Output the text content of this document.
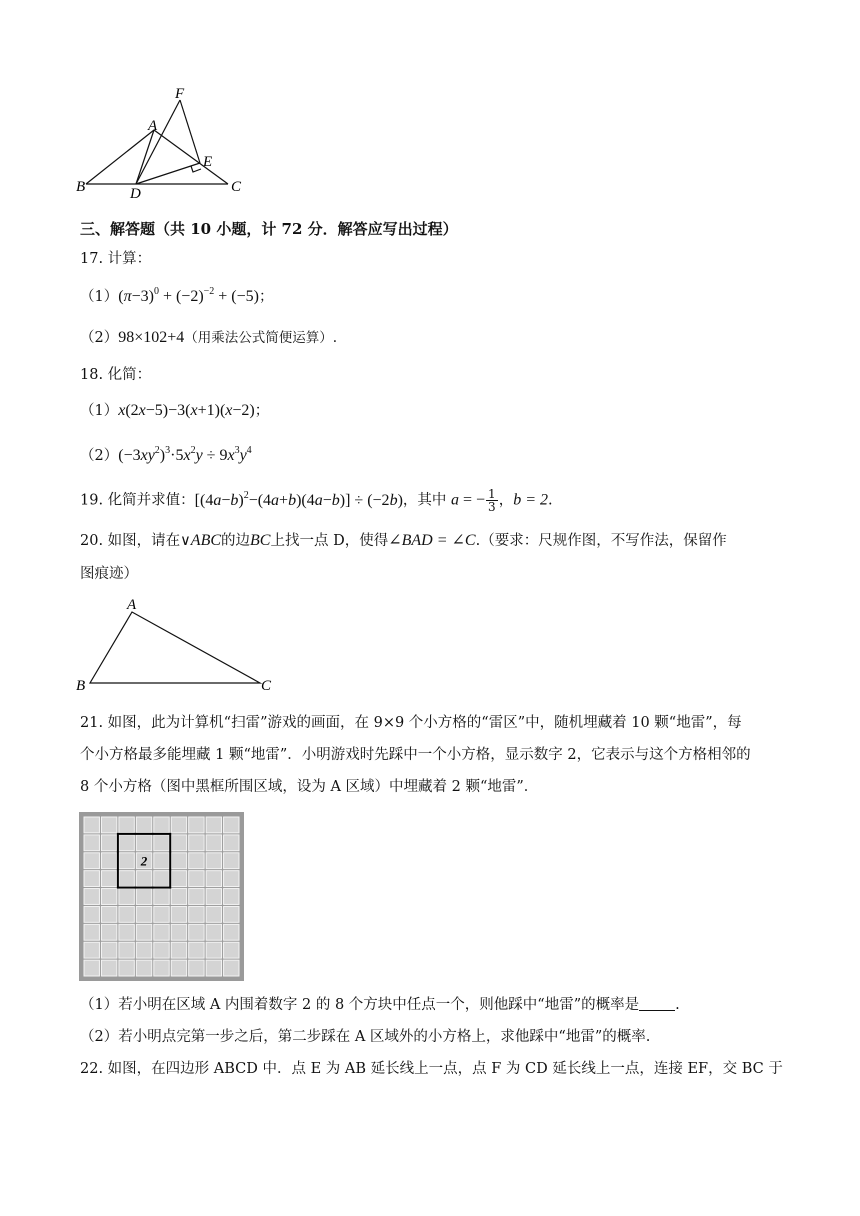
F
A
E
B	D	C
三、解答题（共 10 小题，计 72 分．解答应写出过程）
17. 计算：
$(1)(\pi-3)^0 + (-2)^{-2} + (-5)$；
（2）98×102+4（用乘法公式简便运算）.
18. 化简：
（1）x(2x−5)−3(x+1)(x−2)；
$(2)(-3xy^2)^3\cdot 5x^2y \div 9x^3y^4$
19. 化简并求值：$[(4a-b)^2-(4a+b)(4a-b)] \div (-2b)$，其中 a = − $\frac{1}{3}$ ，b = 2.
20. 如图，请在∨ABC的边BC上找一点 D，使得∠BAD = ∠C.（要求：尺规作图，不写作法，保留作
图痕迹）
A
B	C
21. 如图，此为计算机“扫雷”游戏的画面，在 9×9 个小方格的“雷区”中，随机埋藏着 10 颗“地雷”，每
个小方格最多能埋藏 1 颗“地雷”．小明游戏时先踩中一个小方格，显示数字 2，它表示与这个方格相邻的
8 个小方格（图中黑框所围区域，设为 A 区域）中埋藏着 2 颗“地雷”．
2
（1）若小明在区域 A 内围着数字 2 的 8 个方块中任点一个，则他踩中“地雷”的概率是 .
（2）若小明点完第一步之后，第二步踩在 A 区域外的小方格上，求他踩中“地雷”的概率.
22. 如图，在四边形 ABCD 中．点 E 为 AB 延长线上一点，点 F 为 CD 延长线上一点，连接 EF，交 BC 于
